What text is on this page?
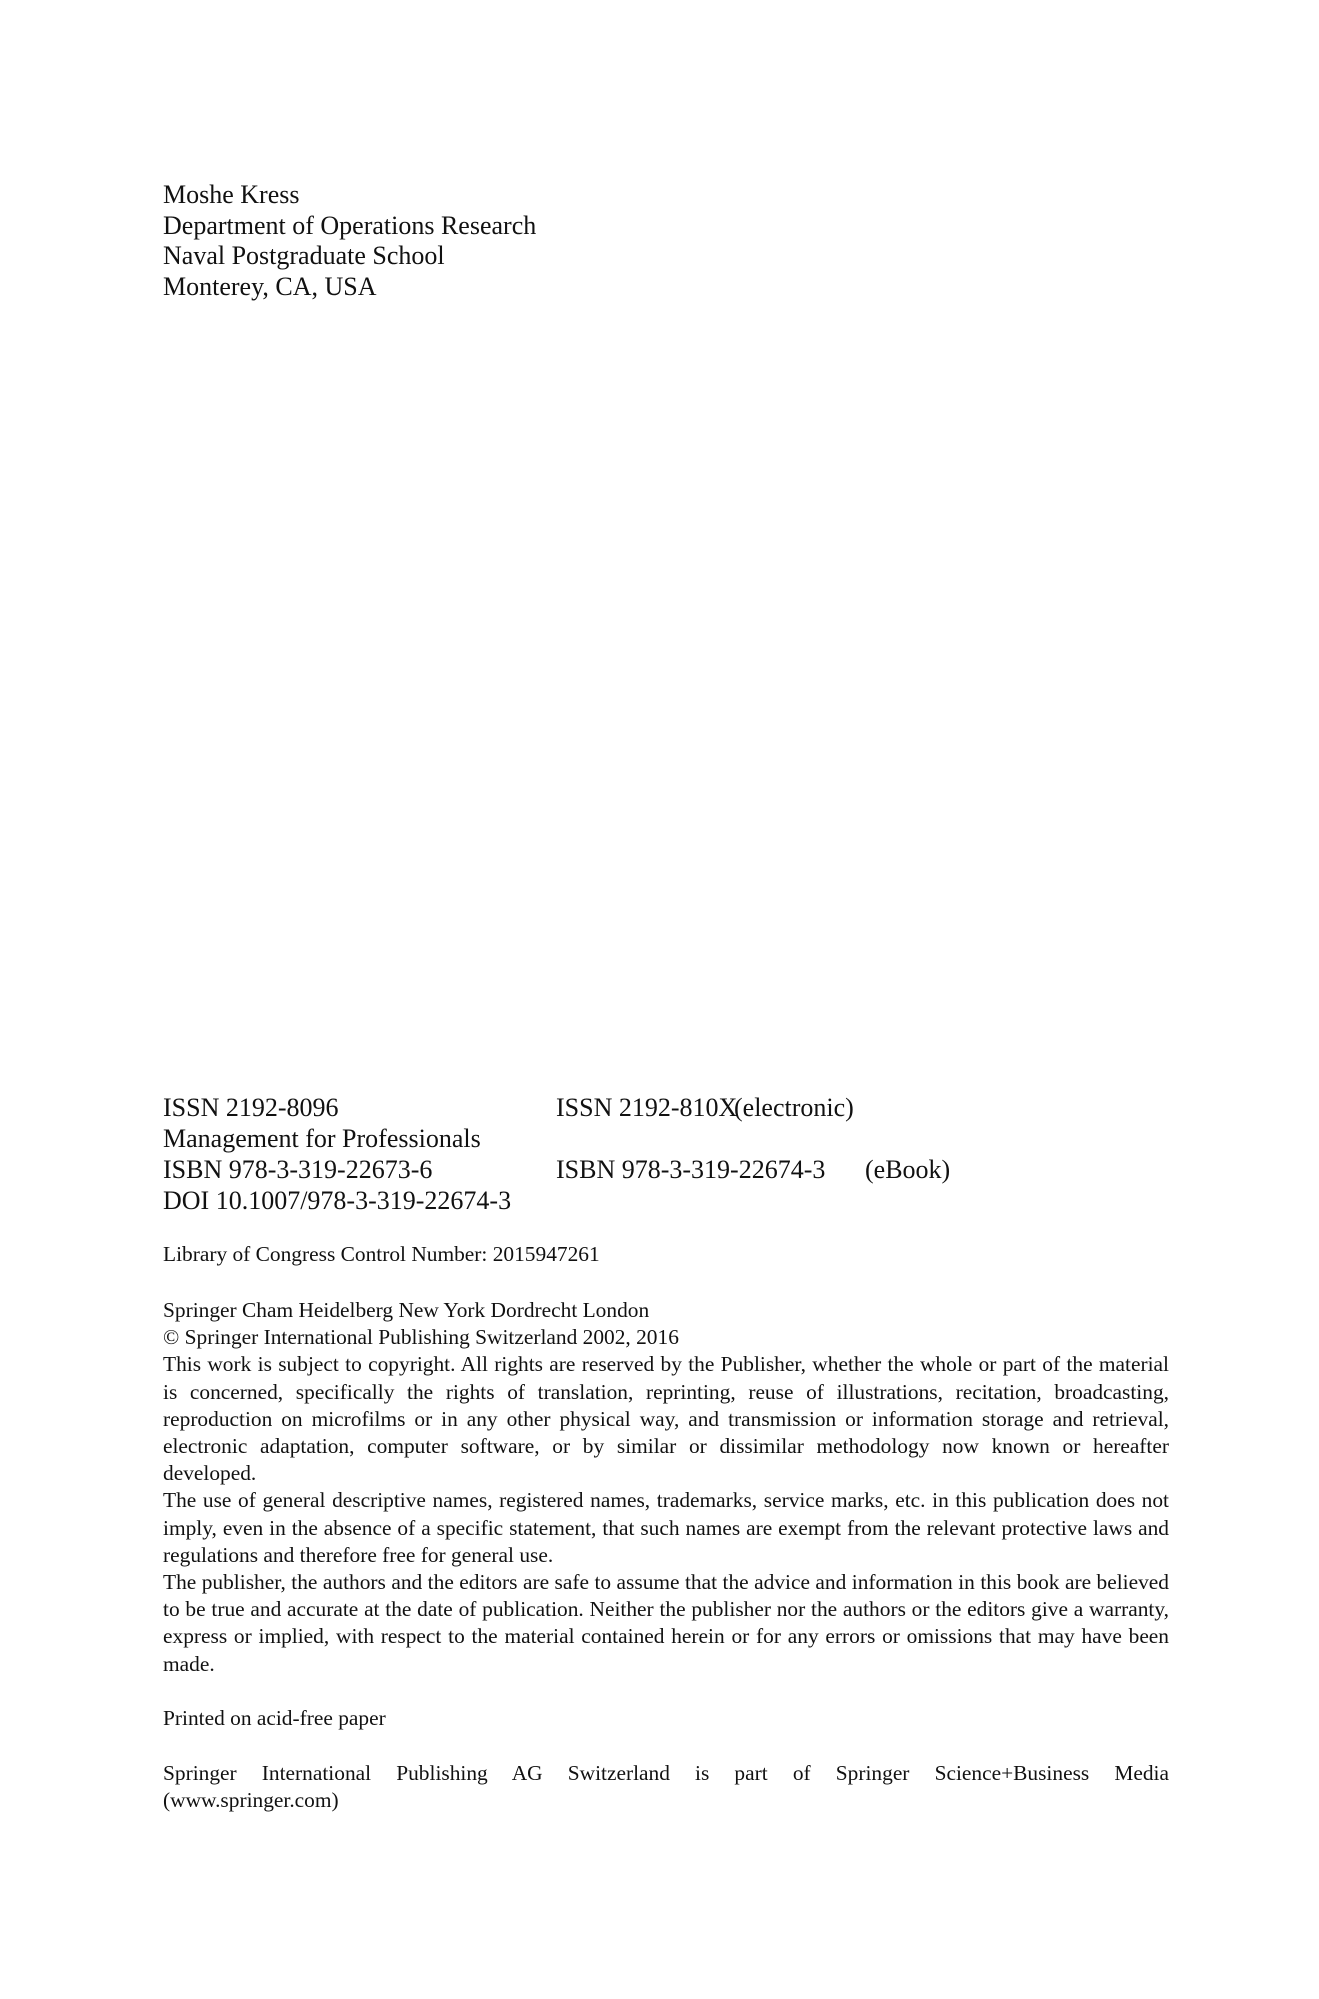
Moshe Kress
Department of Operations Research
Naval Postgraduate School
Monterey, CA, USA
ISSN 2192-8096	ISSN 2192-810X
(electronic)
Management for Professionals
ISBN 978-3-319-22673-6	ISBN 978-3-319-22674-3 (eBook)
DOI 10.1007/978-3-319-22674-3
Library of Congress Control Number: 2015947261

Springer Cham Heidelberg New York Dordrecht London

© Springer International Publishing Switzerland 2002, 2016

This work is subject to copyright. All rights are reserved by the Publisher, whether the whole or part of the material is concerned, specifically the rights of translation, reprinting, reuse of illustrations, recitation, broadcasting, reproduction on microfilms or in any other physical way, and transmission or information storage and retrieval, electronic adaptation, computer software, or by similar or dissimilar methodology now known or hereafter developed.

The use of general descriptive names, registered names, trademarks, service marks, etc. in this publication does not imply, even in the absence of a specific statement, that such names are exempt from the relevant protective laws and regulations and therefore free for general use.

The publisher, the authors and the editors are safe to assume that the advice and information in this book are believed to be true and accurate at the date of publication. Neither the publisher nor the authors or the editors give a warranty, express or implied, with respect to the material contained herein or for any errors or omissions that may have been made.

Printed on acid-free paper
Springer International Publishing AG Switzerland is part of Springer Science+Business Media
(www.springer.com)
